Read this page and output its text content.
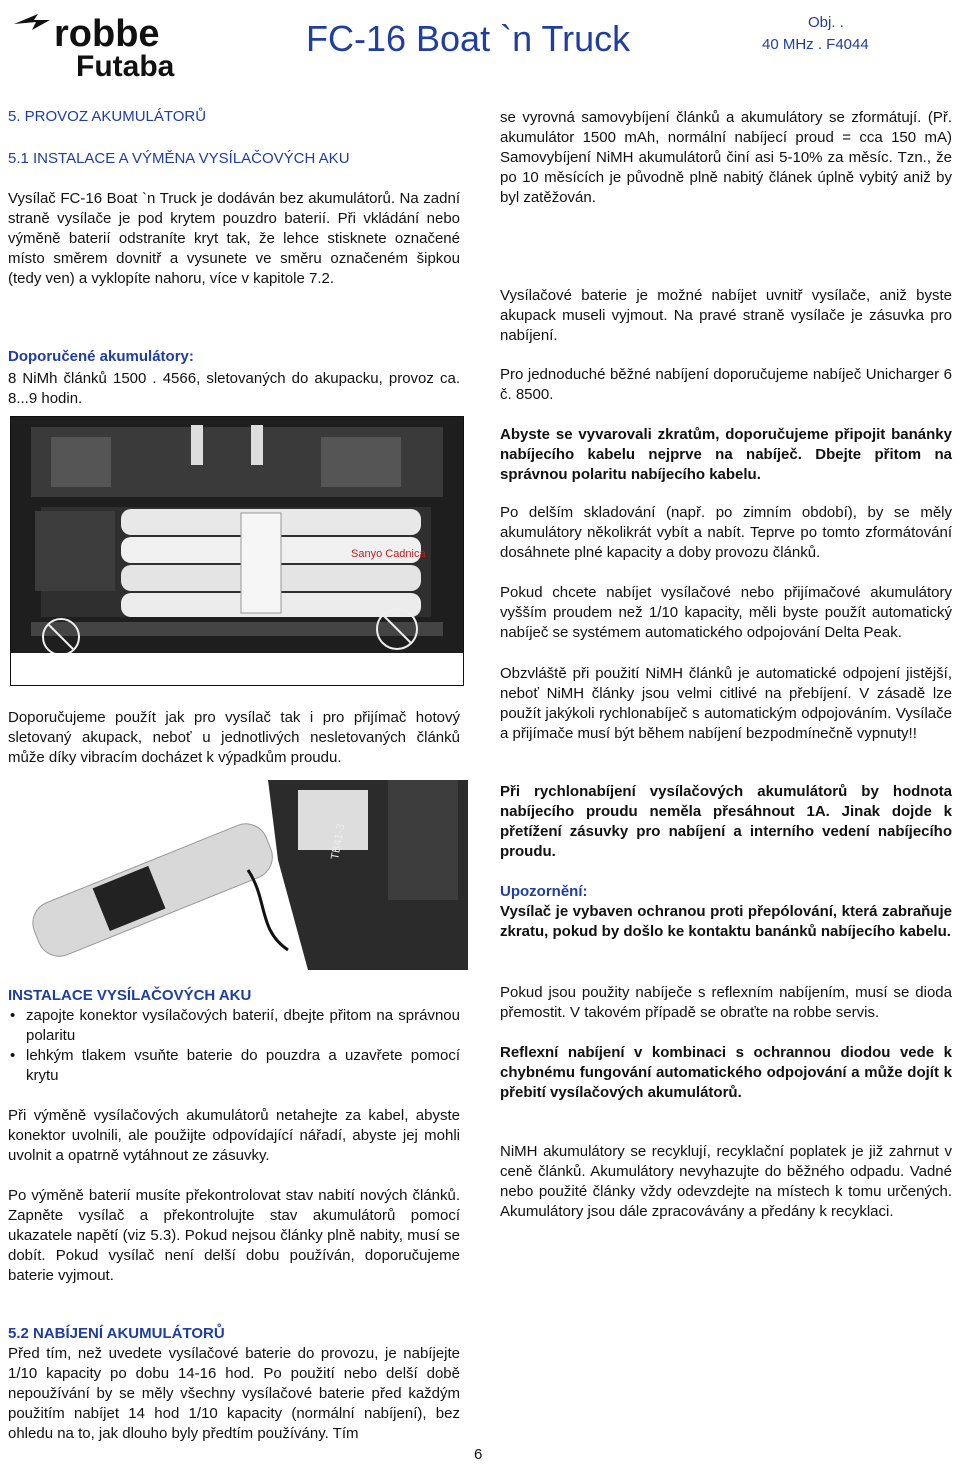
robbe
Futaba
FC-16 Boat `n Truck	Obj. .
40 MHz . F4044
5. PROVOZ AKUMULÁTORŮ
5.1 INSTALACE A VÝMĚNA VYSÍLAČOVÝCH AKU
Vysílač FC-16 Boat `n Truck je dodáván bez akumulátorů. Na zadní straně vysílače je pod krytem pouzdro baterií. Při vkládání nebo výměně baterií odstraníte kryt tak, že lehce stisknete označené místo směrem dovnitř a vysunete ve směru označeném šipkou (tedy ven) a vyklopíte nahoru, více v kapitole 7.2.
Doporučené akumulátory:
8 NiMh článků 1500 . 4566, sletovaných do akupacku, provoz ca. 8...9 hodin.
Sanyo Cadnica
Doporučujeme použít jak pro vysílač tak i pro přijímač hotový sletovaný akupack, neboť u jednotlivých nesletovaných článků může díky vibracím docházet k výpadkům proudu.
TB41-3
INSTALACE VYSÍLAČOVÝCH AKU
• zapojte konektor vysílačových baterií, dbejte přitom na správnou polaritu
• lehkým tlakem vsuňte baterie do pouzdra a uzavřete pomocí krytu
Při výměně vysílačových akumulátorů netahejte za kabel, abyste konektor uvolnili, ale použijte odpovídající nářadí, abyste jej mohli uvolnit a opatrně vytáhnout ze zásuvky.
Po výměně baterií musíte překontrolovat stav nabití nových článků. Zapněte vysílač a překontrolujte stav akumulátorů pomocí ukazatele napětí (viz 5.3). Pokud nejsou články plně nabity, musí se dobít. Pokud vysílač není delší dobu používán, doporučujeme baterie vyjmout.
5.2 NABÍJENÍ AKUMULÁTORŮ
Před tím, než uvedete vysílačové baterie do provozu, je nabíjejte 1/10 kapacity po dobu 14-16 hod. Po použití nebo delší době nepoužívání by se měly všechny vysílačové baterie před každým použitím nabíjet 14 hod 1/10 kapacity (normální nabíjení), bez ohledu na to, jak dlouho byly předtím používány. Tím
se vyrovná samovybíjení článků a akumulátory se zformátují. (Př. akumulátor 1500 mAh, normální nabíjecí proud = cca 150 mA) Samovybíjení NiMH akumulátorů činí asi 5-10% za měsíc. Tzn., že po 10 měsících je původně plně nabitý článek úplně vybitý aniž by byl zatěžován.
Vysílačové baterie je možné nabíjet uvnitř vysílače, aniž byste akupack museli vyjmout. Na pravé straně vysílače je zásuvka pro nabíjení.
Pro jednoduché běžné nabíjení doporučujeme nabíječ Unicharger 6 č. 8500.
Abyste se vyvarovali zkratům, doporučujeme připojit banánky nabíjecího kabelu nejprve na nabíječ. Dbejte přitom na správnou polaritu nabíjecího kabelu.
Po delším skladování (např. po zimním období), by se měly akumulátory několikrát vybít a nabít. Teprve po tomto zformátování dosáhnete plné kapacity a doby provozu článků.
Pokud chcete nabíjet vysílačové nebo přijímačové akumulátory vyšším proudem než 1/10 kapacity, měli byste použít automatický nabíječ se systémem automatického odpojování Delta Peak.
Obzvláště při použití NiMH článků je automatické odpojení jistější, neboť NiMH články jsou velmi citlivé na přebíjení. V zásadě lze použít jakýkoli rychlonabíječ s automatickým odpojováním. Vysílače a přijímače musí být během nabíjení bezpodmínečně vypnuty!!
Při rychlonabíjení vysílačových akumulátorů by hodnota nabíjecího proudu neměla přesáhnout 1A. Jinak dojde k přetížení zásuvky pro nabíjení a interního vedení nabíjecího proudu.
Upozornění:
Vysílač je vybaven ochranou proti přepólování, která zabraňuje zkratu, pokud by došlo ke kontaktu banánků nabíjecího kabelu.
Pokud jsou použity nabíječe s reflexním nabíjením, musí se dioda přemostit. V takovém případě se obraťte na robbe servis.
Reflexní nabíjení v kombinaci s ochrannou diodou vede k chybnému fungování automatického odpojování a může dojít k přebití vysílačových akumulátorů.
NiMH akumulátory se recyklují, recyklační poplatek je již zahrnut v ceně článků. Akumulátory nevyhazujte do běžného odpadu. Vadné nebo použité články vždy odevzdejte na místech k tomu určených. Akumulátory jsou dále zpracovávány a předány k recyklaci.
6
